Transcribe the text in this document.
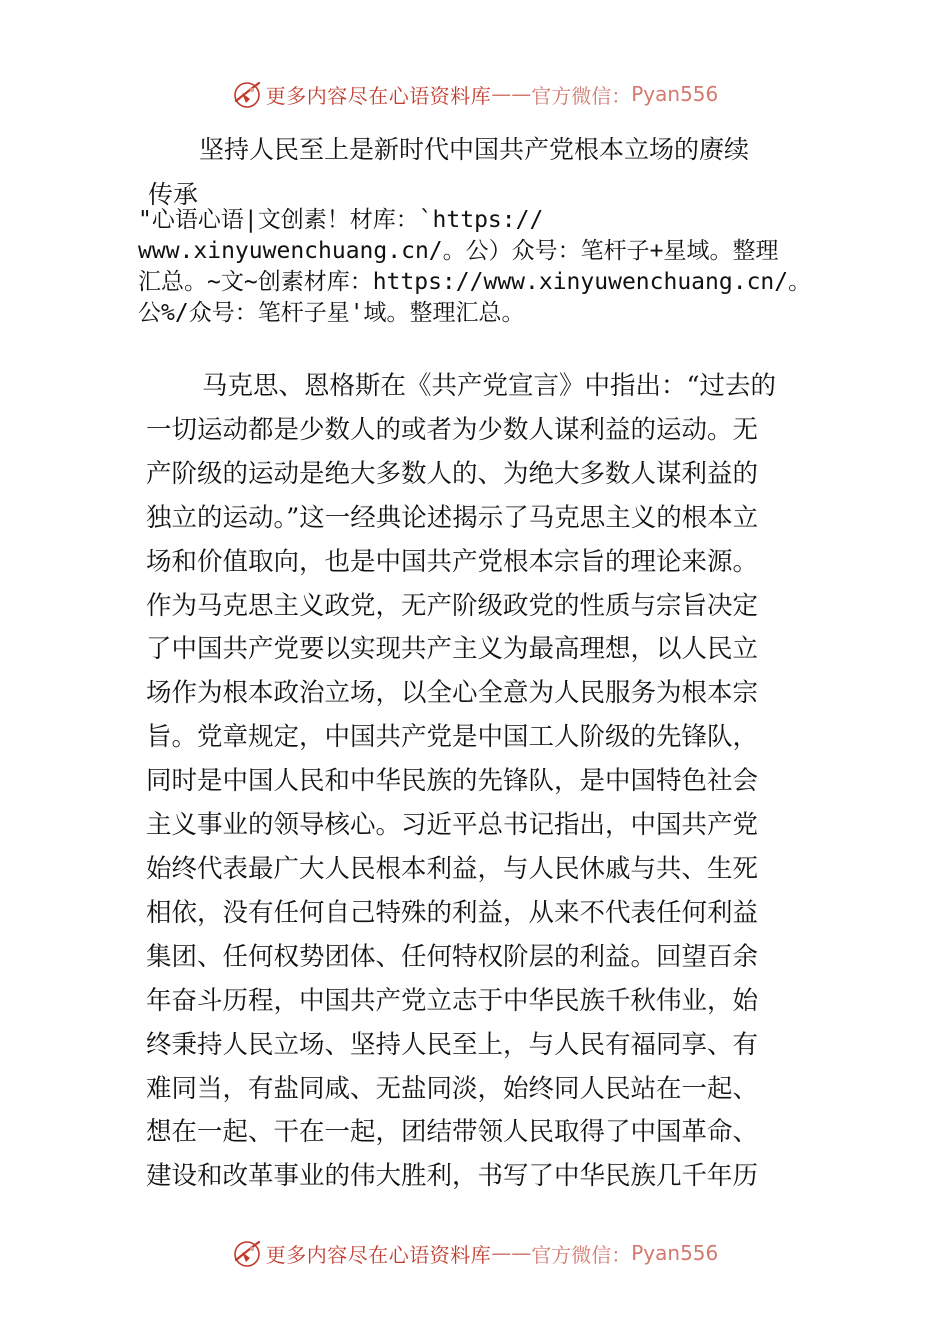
更多内容尽在心语资料库 —— 官方微信： Pyan556
坚持人民至上是新时代中国共产党根本立场的赓续
传承
"心语心语|文创素！材库：`https://
www.xinyuwenchuang.cn/。公）众号：笔杆子+星域。整理
汇总。~文~创素材库：https://www.xinyuwenchuang.cn/。
公%/众号：笔杆子星'域。整理汇总。
马克思、恩格斯在《共产党宣言》中指出：“过去的
一切运动都是少数人的或者为少数人谋利益的运动。无
产阶级的运动是绝大多数人的、为绝大多数人谋利益的
独立的运动。”这一经典论述揭示了马克思主义的根本立
场和价值取向，也是中国共产党根本宗旨的理论来源。
作为马克思主义政党，无产阶级政党的性质与宗旨决定
了中国共产党要以实现共产主义为最高理想，以人民立
场作为根本政治立场，以全心全意为人民服务为根本宗
旨。党章规定，中国共产党是中国工人阶级的先锋队，
同时是中国人民和中华民族的先锋队，是中国特色社会
主义事业的领导核心。习近平总书记指出，中国共产党
始终代表最广大人民根本利益，与人民休戚与共、生死
相依，没有任何自己特殊的利益，从来不代表任何利益
集团、任何权势团体、任何特权阶层的利益。回望百余
年奋斗历程，中国共产党立志于中华民族千秋伟业，始
终秉持人民立场、坚持人民至上，与人民有福同享、有
难同当，有盐同咸、无盐同淡，始终同人民站在一起、
想在一起、干在一起，团结带领人民取得了中国革命、
建设和改革事业的伟大胜利，书写了中华民族几千年历
更多内容尽在心语资料库 —— 官方微信： Pyan556
